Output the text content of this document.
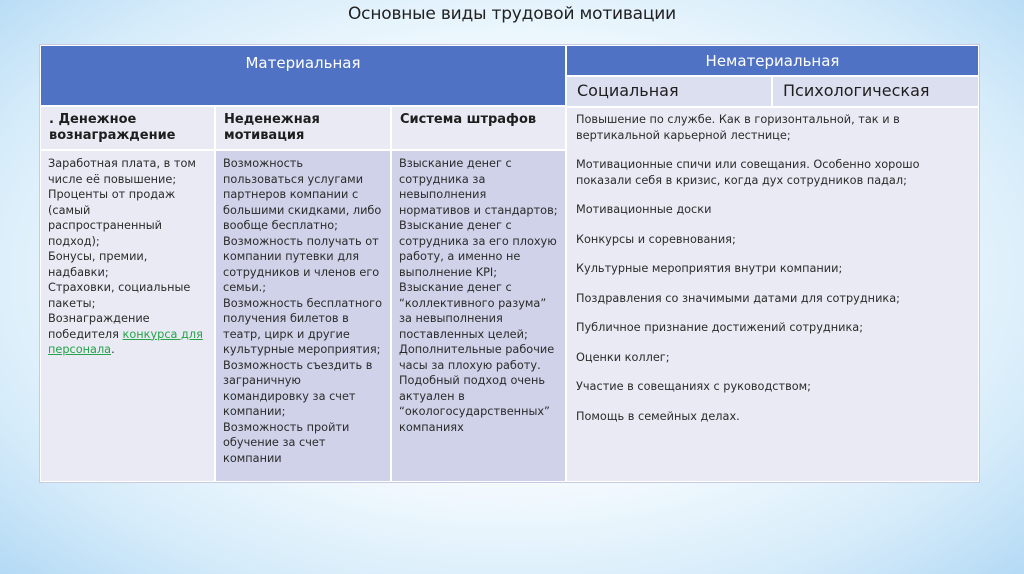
Основные виды трудовой мотивации
Материальная	Нематериальная
Социальная	Психологическая
. Денежное вознаграждение
Неденежная мотивация
Система штрафов
Заработная плата, в том
числе её повышение;
Проценты от продаж
(самый распространенный
подход);
Бонусы, премии,
надбавки;
Страховки, социальные
пакеты;
Вознаграждение
победителя конкурса для
персонала.
Возможность
пользоваться услугами
партнеров компании с
большими скидками, либо
вообще бесплатно;
Возможность получать от
компании путевки для
сотрудников и членов его
семьи.;
Возможность бесплатного
получения билетов в
театр, цирк и другие
культурные мероприятия;
Возможность съездить в
заграничную
командировку за счет
компании;
Возможность пройти
обучение за счет
компании
Взыскание денег с
сотрудника за
невыполнения
нормативов и стандартов;
Взыскание денег с
сотрудника за его плохую
работу, а именно не
выполнение KPI;
Взыскание денег с
“коллективного разума”
за невыполнения
поставленных целей;
Дополнительные рабочие
часы за плохую работу.
Подобный подход очень
актуален в
“окологосударственных”
компаниях
Повышение по службе. Как в горизонтальной, так и в
вертикальной карьерной лестнице;
Мотивационные спичи или совещания. Особенно хорошо
показали себя в кризис, когда дух сотрудников падал;
Мотивационные доски
Конкурсы и соревнования;
Культурные мероприятия внутри компании;
Поздравления со значимыми датами для сотрудника;
Публичное признание достижений сотрудника;
Оценки коллег;
Участие в совещаниях с руководством;
Помощь в семейных делах.
